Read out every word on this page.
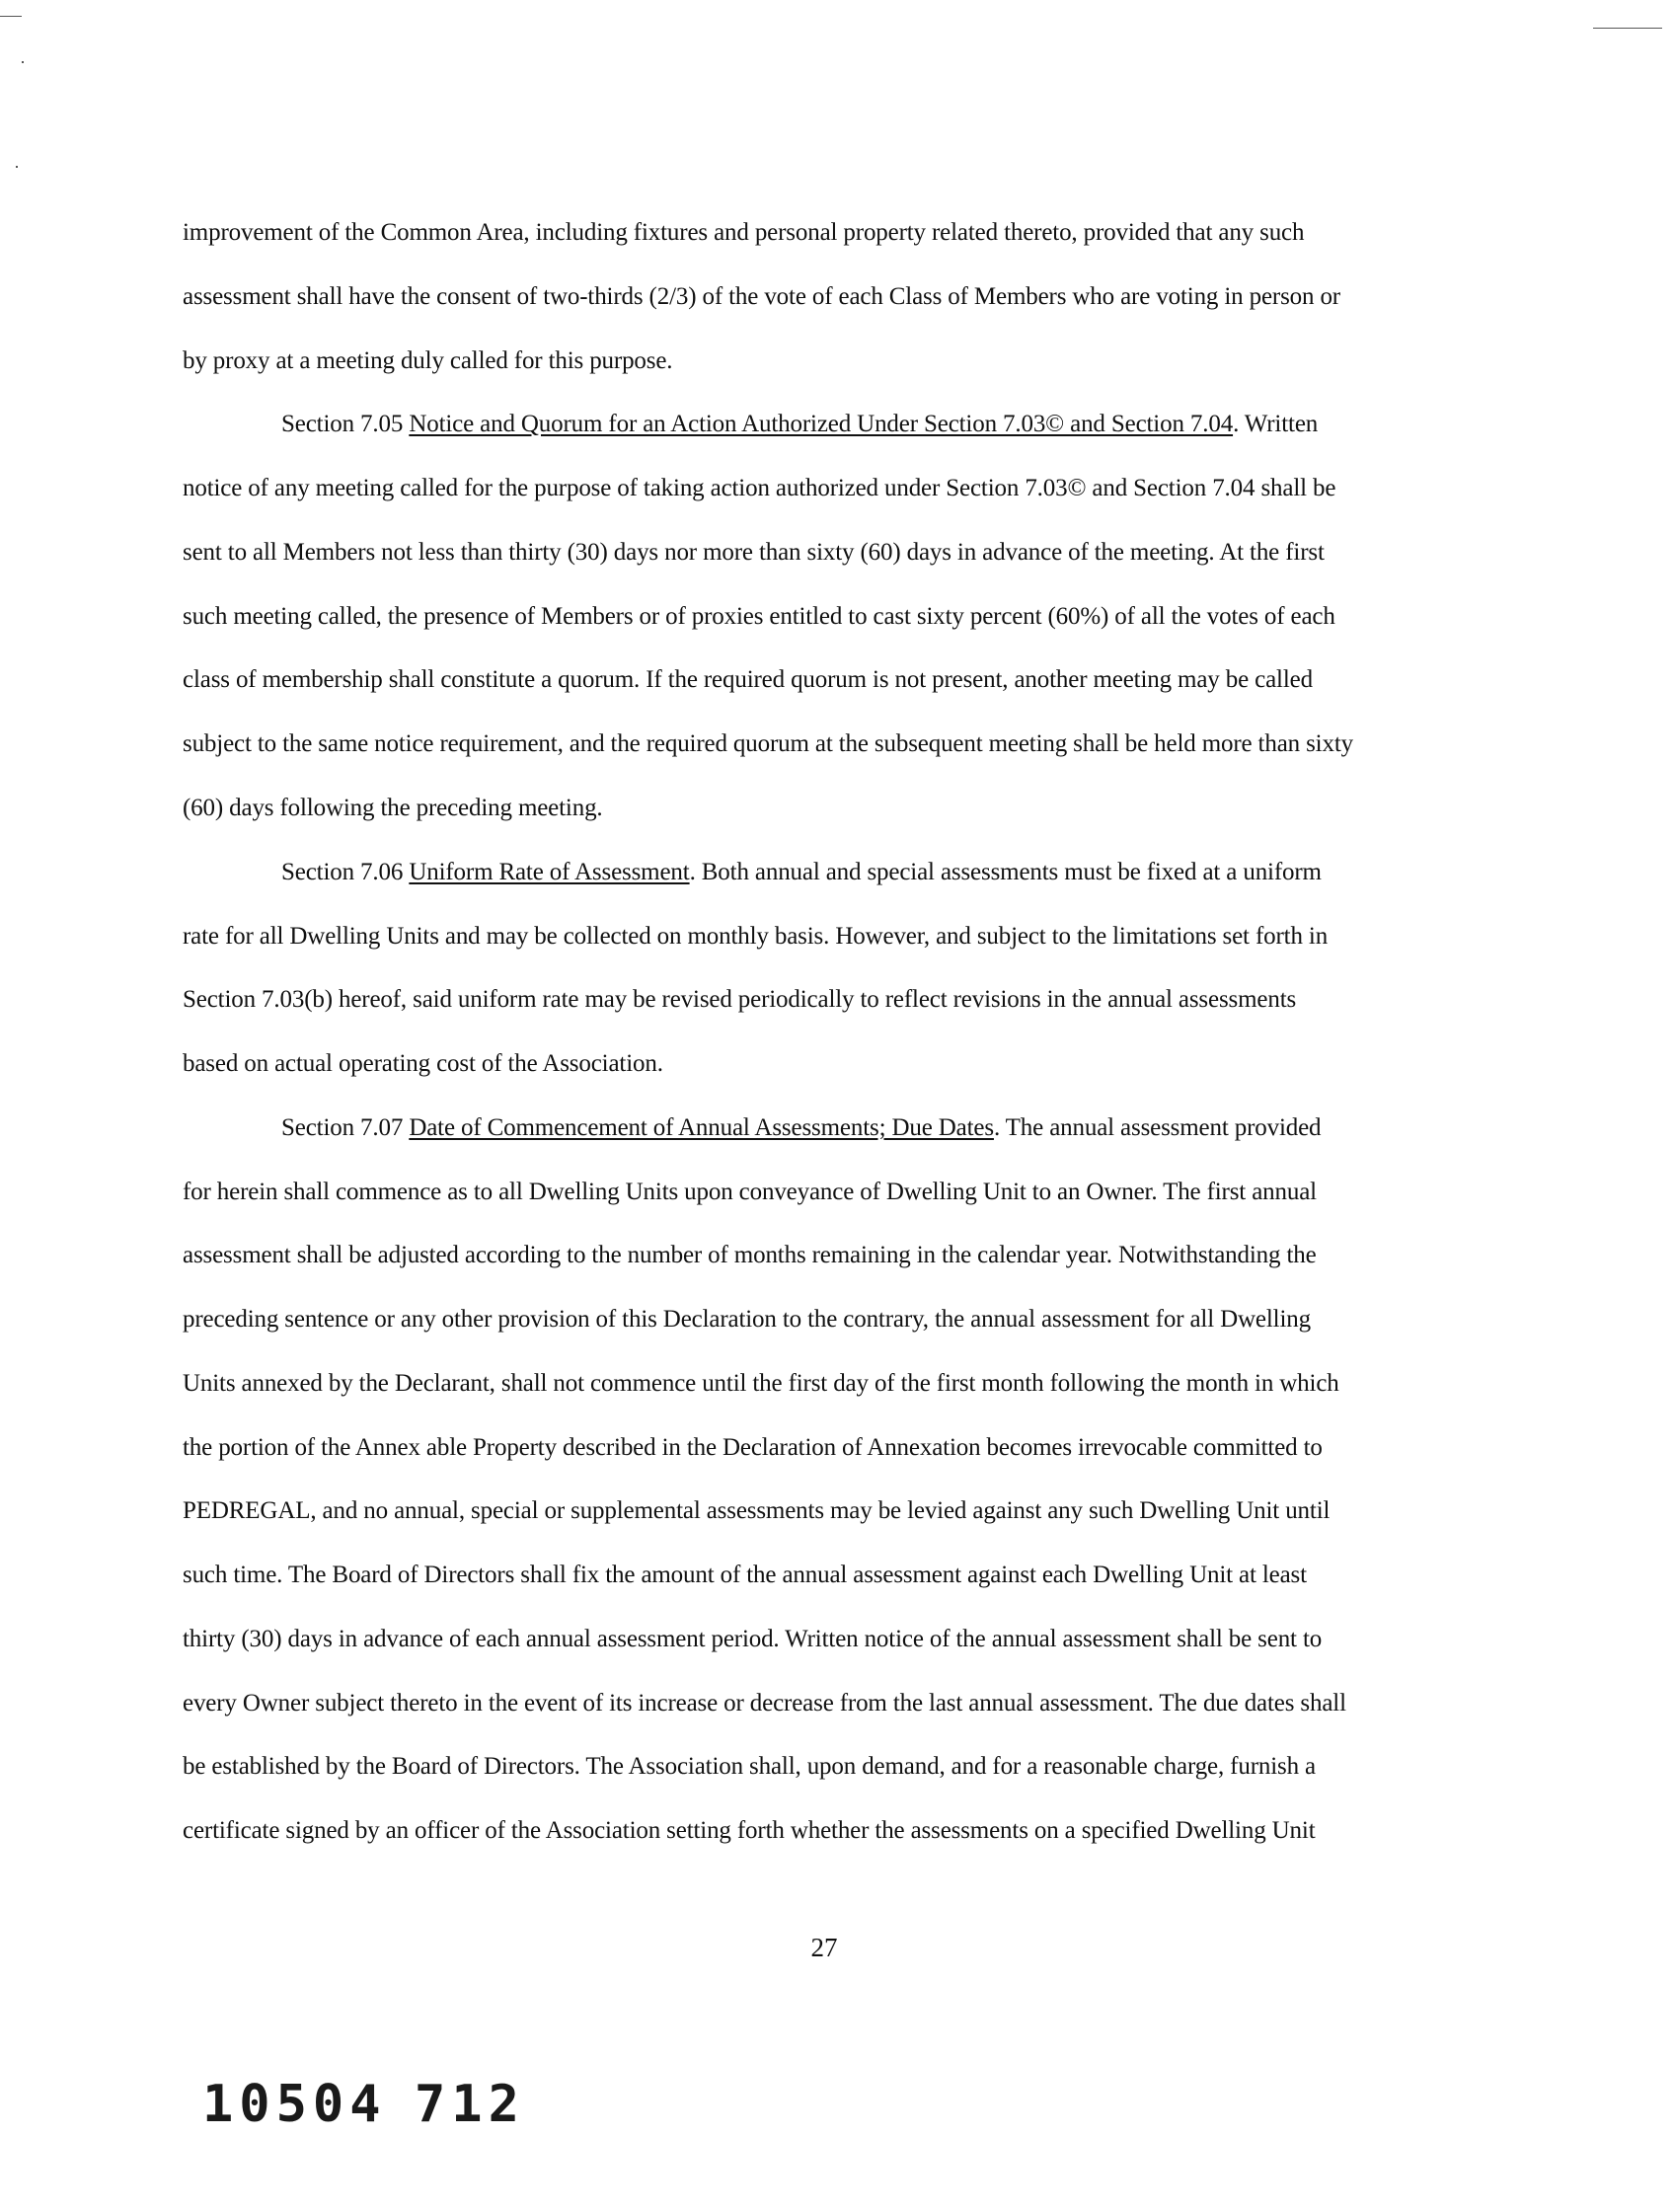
improvement of the Common Area, including fixtures and personal property related thereto, provided that any such
assessment shall have the consent of two-thirds (2/3) of the vote of each Class of Members who are voting in person or
by proxy at a meeting duly called for this purpose.
Section 7.05 Notice and Quorum for an Action Authorized Under Section 7.03© and Section 7.04. Written
notice of any meeting called for the purpose of taking action authorized under Section 7.03© and Section 7.04 shall be
sent to all Members not less than thirty (30) days nor more than sixty (60) days in advance of the meeting. At the first
such meeting called, the presence of Members or of proxies entitled to cast sixty percent (60%) of all the votes of each
class of membership shall constitute a quorum. If the required quorum is not present, another meeting may be called
subject to the same notice requirement, and the required quorum at the subsequent meeting shall be held more than sixty
(60) days following the preceding meeting.
Section 7.06 Uniform Rate of Assessment. Both annual and special assessments must be fixed at a uniform
rate for all Dwelling Units and may be collected on monthly basis. However, and subject to the limitations set forth in
Section 7.03(b) hereof, said uniform rate may be revised periodically to reflect revisions in the annual assessments
based on actual operating cost of the Association.
Section 7.07 Date of Commencement of Annual Assessments; Due Dates. The annual assessment provided
for herein shall commence as to all Dwelling Units upon conveyance of Dwelling Unit to an Owner. The first annual
assessment shall be adjusted according to the number of months remaining in the calendar year. Notwithstanding the
preceding sentence or any other provision of this Declaration to the contrary, the annual assessment for all Dwelling
Units annexed by the Declarant, shall not commence until the first day of the first month following the month in which
the portion of the Annex able Property described in the Declaration of Annexation becomes irrevocable committed to
PEDREGAL, and no annual, special or supplemental assessments may be levied against any such Dwelling Unit until
such time. The Board of Directors shall fix the amount of the annual assessment against each Dwelling Unit at least
thirty (30) days in advance of each annual assessment period. Written notice of the annual assessment shall be sent to
every Owner subject thereto in the event of its increase or decrease from the last annual assessment. The due dates shall
be established by the Board of Directors. The Association shall, upon demand, and for a reasonable charge, furnish a
certificate signed by an officer of the Association setting forth whether the assessments on a specified Dwelling Unit
27
10504 712
